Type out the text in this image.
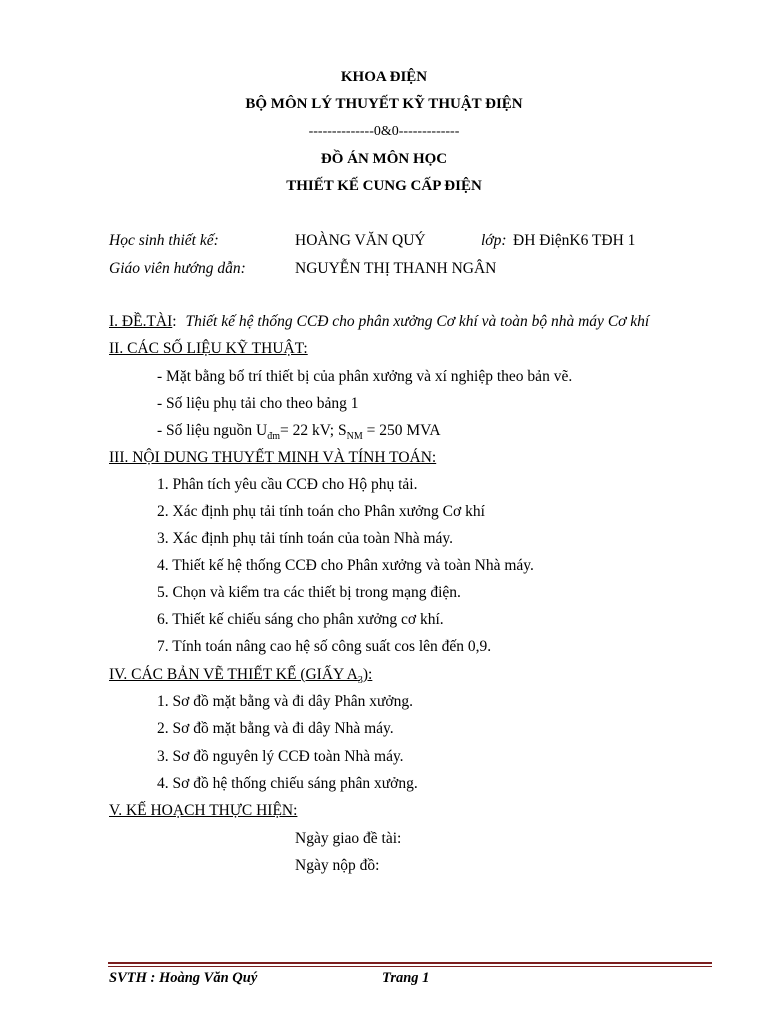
KHOA ĐIỆN
BỘ MÔN LÝ THUYẾT KỸ THUẬT ĐIỆN
--------------0&0-------------
ĐỒ ÁN MÔN HỌC
THIẾT KẾ CUNG CẤP ĐIỆN
Học sinh thiết kế:	HOÀNG VĂN QUÝ	lớp: ĐH ĐiệnK6 TĐH 1
Giáo viên hướng dẫn:	NGUYỄN THỊ THANH NGÂN
I. ĐỀ.TÀI: Thiết kế hệ thống CCĐ cho phân xưởng Cơ khí và toàn bộ nhà máy Cơ khí
II. CÁC SỐ LIỆU KỸ THUẬT:
- Mặt bằng bố trí thiết bị của phân xưởng và xí nghiệp theo bản vẽ.
- Số liệu phụ tải cho theo bảng 1
- Số liệu nguồn $U_{đm}= 22$ kV; $S_{NM} = 250$ MVA
III. NỘI DUNG THUYẾT MINH VÀ TÍNH TOÁN:
1. Phân tích yêu cầu CCĐ cho Hộ phụ tải.
2. Xác định phụ tải tính toán cho Phân xưởng Cơ khí
3. Xác định phụ tải tính toán của toàn Nhà máy.
4. Thiết kế hệ thống CCĐ cho Phân xưởng và toàn Nhà máy.
5. Chọn và kiểm tra các thiết bị trong mạng điện.
6. Thiết kế chiếu sáng cho phân xưởng cơ khí.
7. Tính toán nâng cao hệ số công suất cos lên đến 0,9.
IV. CÁC BẢN VẼ THIẾT KẾ (GIẤY $A_3$):
1. Sơ đồ mặt bằng và đi dây Phân xưởng.
2. Sơ đồ mặt bằng và đi dây Nhà máy.
3. Sơ đồ nguyên lý CCĐ toàn Nhà máy.
4. Sơ đồ hệ thống chiếu sáng phân xưởng.
V. KẾ HOẠCH THỰC HIỆN:
Ngày giao đề tài:
Ngày nộp đồ:
SVTH : Hoàng Văn Quý	Trang 1
